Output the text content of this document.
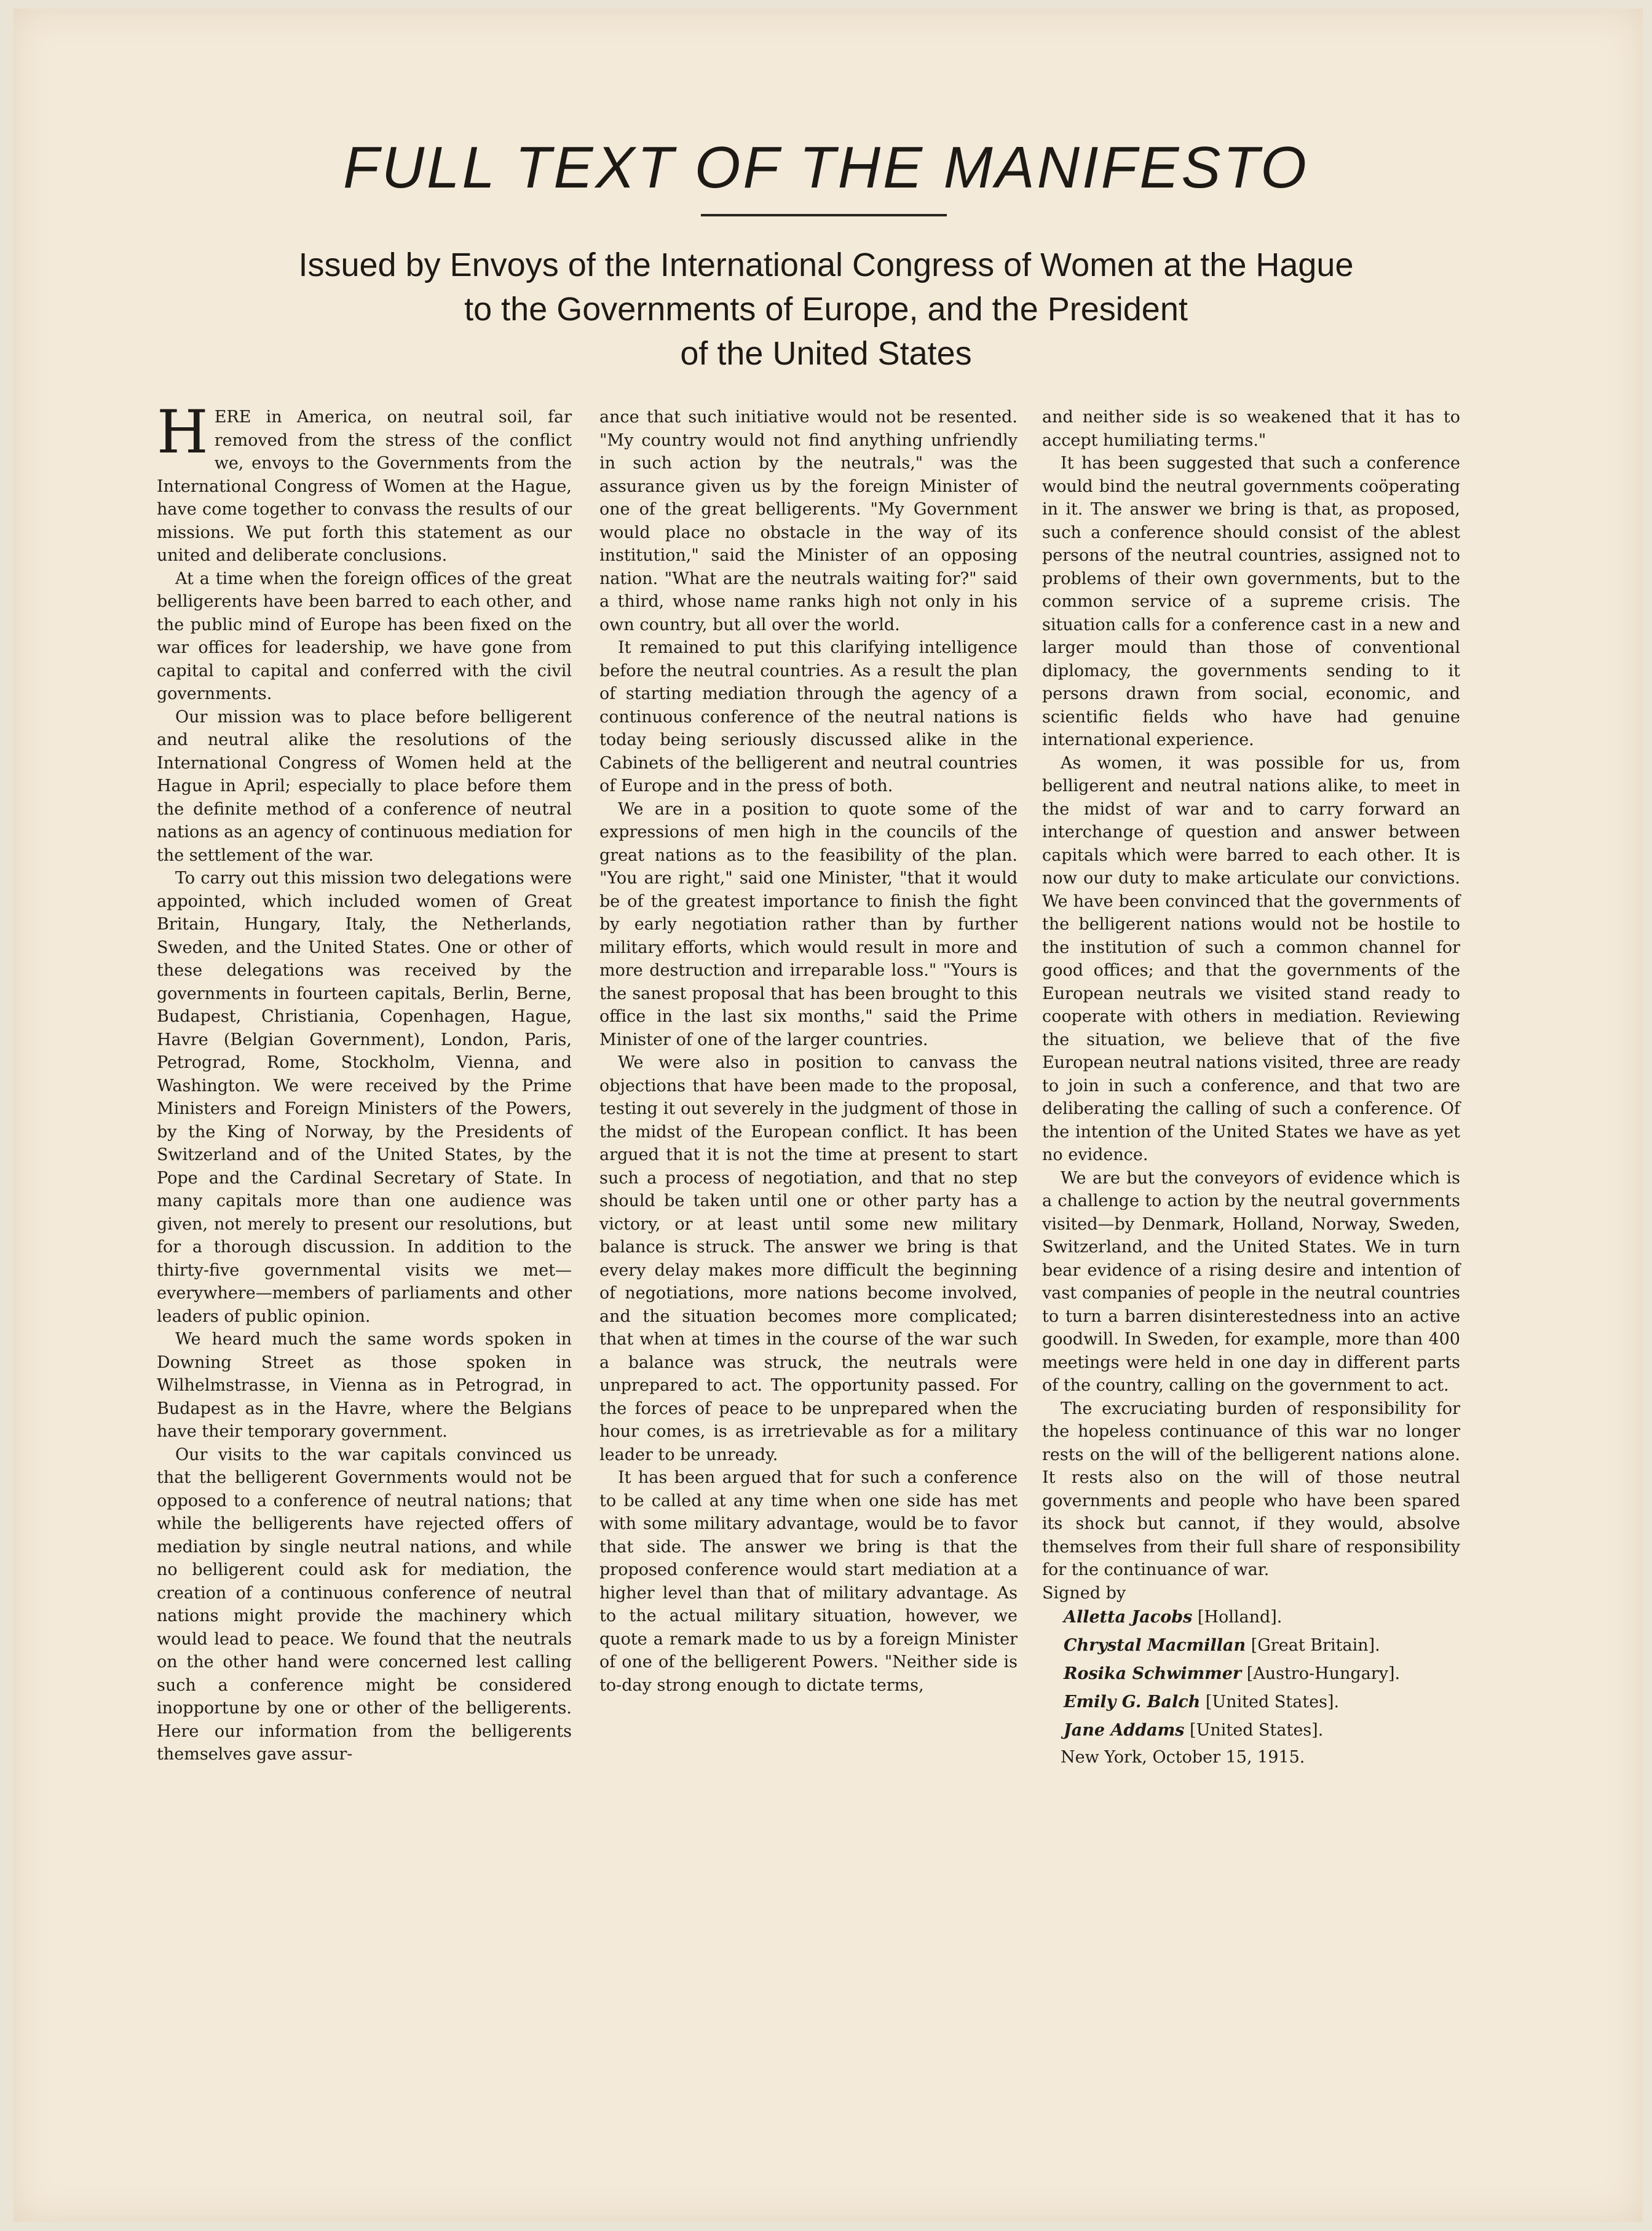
FULL TEXT OF THE MANIFESTO
Issued by Envoys of the International Congress of Women at the Hague
to the Governments of Europe, and the President
of the United States

HERE in America, on neutral soil, far removed from the stress of the conflict we, envoys to the Governments from the International Congress of Women at the Hague, have come together to convass the results of our missions. We put forth this statement as our united and deliberate conclusions.

At a time when the foreign offices of the great belligerents have been barred to each other, and the public mind of Europe has been fixed on the war offices for leadership, we have gone from capital to capital and conferred with the civil governments.

Our mission was to place before belligerent and neutral alike the resolutions of the International Congress of Women held at the Hague in April; especially to place before them the definite method of a conference of neutral nations as an agency of continuous mediation for the settlement of the war.

To carry out this mission two delegations were appointed, which included women of Great Britain, Hungary, Italy, the Netherlands, Sweden, and the United States. One or other of these delegations was received by the governments in fourteen capitals, Berlin, Berne, Budapest, Christiania, Copenhagen, Hague, Havre (Belgian Government), London, Paris, Petrograd, Rome, Stockholm, Vienna, and Washington. We were received by the Prime Ministers and Foreign Ministers of the Powers, by the King of Norway, by the Presidents of Switzerland and of the United States, by the Pope and the Cardinal Secretary of State. In many capitals more than one audience was given, not merely to present our resolutions, but for a thorough discussion. In addition to the thirty-five governmental visits we met—everywhere—members of parliaments and other leaders of public opinion.

We heard much the same words spoken in Downing Street as those spoken in Wilhelmstrasse, in Vienna as in Petrograd, in Budapest as in the Havre, where the Belgians have their temporary government.

Our visits to the war capitals convinced us that the belligerent Governments would not be opposed to a conference of neutral nations; that while the belligerents have rejected offers of mediation by single neutral nations, and while no belligerent could ask for mediation, the creation of a continuous conference of neutral nations might provide the machinery which would lead to peace. We found that the neutrals on the other hand were concerned lest calling such a conference might be considered inopportune by one or other of the belligerents. Here our information from the belligerents themselves gave assur-

ance that such initiative would not be resented. "My country would not find anything unfriendly in such action by the neutrals," was the assurance given us by the foreign Minister of one of the great belligerents. "My Government would place no obstacle in the way of its institution," said the Minister of an opposing nation. "What are the neutrals waiting for?" said a third, whose name ranks high not only in his own country, but all over the world.

It remained to put this clarifying intelligence before the neutral countries. As a result the plan of starting mediation through the agency of a continuous conference of the neutral nations is today being seriously discussed alike in the Cabinets of the belligerent and neutral countries of Europe and in the press of both.

We are in a position to quote some of the expressions of men high in the councils of the great nations as to the feasibility of the plan. "You are right," said one Minister, "that it would be of the greatest importance to finish the fight by early negotiation rather than by further military efforts, which would result in more and more destruction and irreparable loss." "Yours is the sanest proposal that has been brought to this office in the last six months," said the Prime Minister of one of the larger countries.

We were also in position to canvass the objections that have been made to the proposal, testing it out severely in the judgment of those in the midst of the European conflict. It has been argued that it is not the time at present to start such a process of negotiation, and that no step should be taken until one or other party has a victory, or at least until some new military balance is struck. The answer we bring is that every delay makes more difficult the beginning of negotiations, more nations become involved, and the situation becomes more complicated; that when at times in the course of the war such a balance was struck, the neutrals were unprepared to act. The opportunity passed. For the forces of peace to be unprepared when the hour comes, is as irretrievable as for a military leader to be unready.

It has been argued that for such a conference to be called at any time when one side has met with some military advantage, would be to favor that side. The answer we bring is that the proposed conference would start mediation at a higher level than that of military advantage. As to the actual military situation, however, we quote a remark made to us by a foreign Minister of one of the belligerent Powers. "Neither side is to-day strong enough to dictate terms,

and neither side is so weakened that it has to accept humiliating terms."

It has been suggested that such a conference would bind the neutral governments coöperating in it. The answer we bring is that, as proposed, such a conference should consist of the ablest persons of the neutral countries, assigned not to problems of their own governments, but to the common service of a supreme crisis. The situation calls for a conference cast in a new and larger mould than those of conventional diplomacy, the governments sending to it persons drawn from social, economic, and scientific fields who have had genuine international experience.

As women, it was possible for us, from belligerent and neutral nations alike, to meet in the midst of war and to carry forward an interchange of question and answer between capitals which were barred to each other. It is now our duty to make articulate our convictions. We have been convinced that the governments of the belligerent nations would not be hostile to the institution of such a common channel for good offices; and that the governments of the European neutrals we visited stand ready to cooperate with others in mediation. Reviewing the situation, we believe that of the five European neutral nations visited, three are ready to join in such a conference, and that two are deliberating the calling of such a conference. Of the intention of the United States we have as yet no evidence.

We are but the conveyors of evidence which is a challenge to action by the neutral governments visited—by Denmark, Holland, Norway, Sweden, Switzerland, and the United States. We in turn bear evidence of a rising desire and intention of vast companies of people in the neutral countries to turn a barren disinterestedness into an active goodwill. In Sweden, for example, more than 400 meetings were held in one day in different parts of the country, calling on the government to act.

The excruciating burden of responsibility for the hopeless continuance of this war no longer rests on the will of the belligerent nations alone. It rests also on the will of those neutral governments and people who have been spared its shock but cannot, if they would, absolve themselves from their full share of responsibility for the continuance of war.

Signed by

Alletta Jacobs [Holland].
Chrystal Macmillan [Great Britain].
Rosika Schwimmer [Austro-Hungary].
Emily G. Balch [United States].
Jane Addams [United States].

New York, October 15, 1915.
